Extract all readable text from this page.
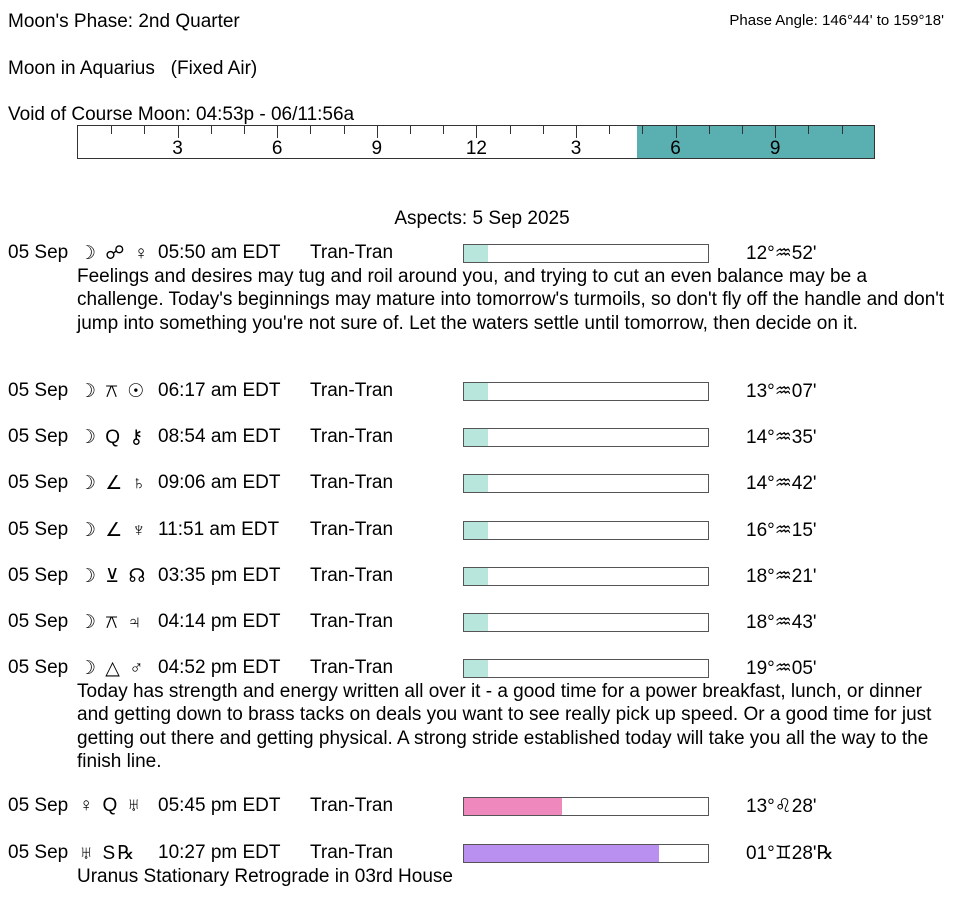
Moon's Phase: 2nd Quarter	Phase Angle: 146°44' to 159°18'
Moon in Aquarius   (Fixed Air)
Void of Course Moon: 04:53p - 06/11:56a
3	6	9	12	3	6	9
Aspects: 5 Sep 2025
05 Sep ☽ ☍ ♀ 05:50 am EDT Tran-Tran	12°♒52'
Feelings and desires may tug and roil around you, and trying to cut an even balance may be a challenge. Today's beginnings may mature into tomorrow's turmoils, so don't fly off the handle and don't jump into something you're not sure of. Let the waters settle until tomorrow, then decide on it.
05 Sep ☽ ⚻ ☉ 06:17 am EDT Tran-Tran	13°♒07'
05 Sep ☽ Q ⚷ 08:54 am EDT Tran-Tran	14°♒35'
05 Sep ☽ ∠ ♄ 09:06 am EDT Tran-Tran	14°♒42'
05 Sep ☽ ∠ ♆ 11:51 am EDT Tran-Tran	16°♒15'
05 Sep ☽ ⊻ ☊ 03:35 pm EDT Tran-Tran	18°♒21'
05 Sep ☽ ⚻ ♃ 04:14 pm EDT Tran-Tran	18°♒43'
05 Sep ☽ △ ♂ 04:52 pm EDT Tran-Tran	19°♒05'
Today has strength and energy written all over it - a good time for a power breakfast, lunch, or dinner and getting down to brass tacks on deals you want to see really pick up speed. Or a good time for just getting out there and getting physical. A strong stride established today will take you all the way to the finish line.
05 Sep ♀ Q ♅ 05:45 pm EDT Tran-Tran	13°♌28'
05 Sep ♅ S℞ 10:27 pm EDT Tran-Tran	01°♊28'℞
Uranus Stationary Retrograde in 03rd House
